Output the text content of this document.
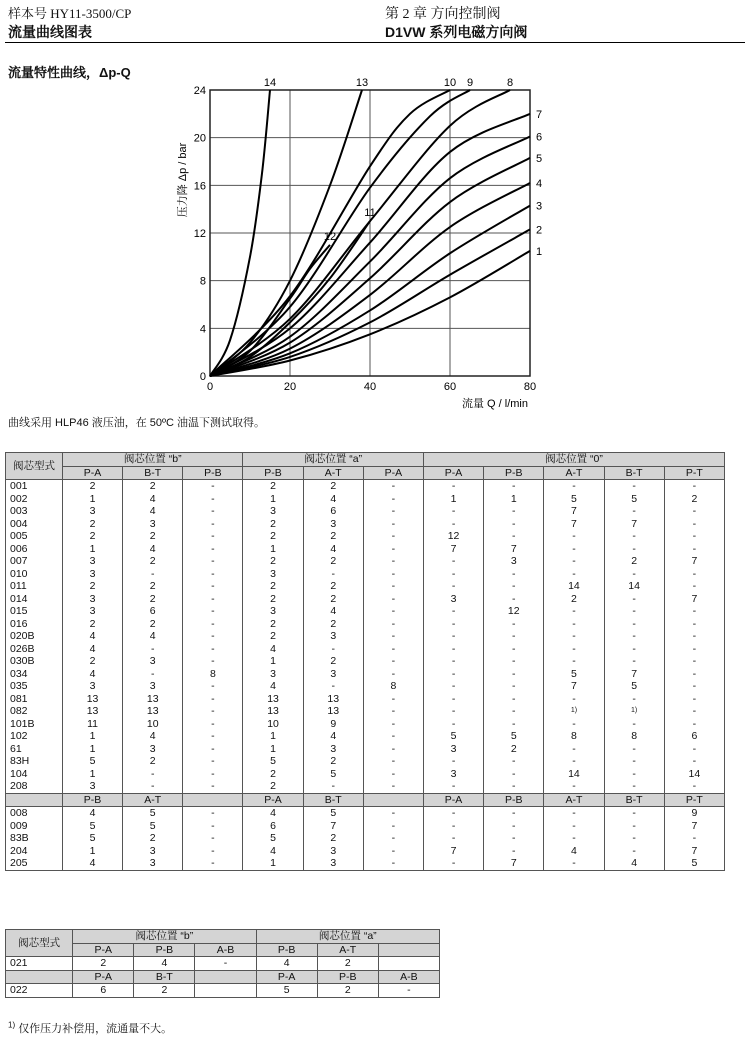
样本号 HY11-3500/CP
流量曲线图表
第 2 章 方向控制阀
D1VW 系列电磁方向阀
流量特性曲线，Δp-Q
0	20	40	60	80
0
4
8
12
16
20
24
1
2
3
4
5
6
7
8
9
10
11
12
13
14
压力降 Δp / bar
流量 Q / l/min
曲线采用 HLP46 液压油，在 50ºC 油温下测试取得。
阀芯型式	阀芯位置 “b”			阀芯位置 “a”			阀芯位置 “0”				
	P-A	B-T	P-B	P-B	A-T	P-A	P-A	P-B	A-T	B-T	P-T
001	2	2	-	2	2	-	-	-	-	-	-
002	1	4	-	1	4	-	1	1	5	5	2
003	3	4	-	3	6	-	-	-	7	-	-
004	2	3	-	2	3	-	-	-	7	7	-
005	2	2	-	2	2	-	12	-	-	-	-
006	1	4	-	1	4	-	7	7	-	-	-
007	3	2	-	2	2	-	-	3	-	2	7
010	3	-	-	3	-	-	-	-	-	-	-
011	2	2	-	2	2	-	-	-	14	14	-
014	3	2	-	2	2	-	3	-	2	-	7
015	3	6	-	3	4	-	-	12	-	-	-
016	2	2	-	2	2	-	-	-	-	-	-
020B	4	4	-	2	3	-	-	-	-	-	-
026B	4	-	-	4	-	-	-	-	-	-	-
030B	2	3	-	1	2	-	-	-	-	-	-
034	4	-	8	3	3	-	-	-	5	7	-
035	3	3	-	4	-	8	-	-	7	5	-
081	13	13	-	13	13	-	-	-	-	-	-
082	13	13	-	13	13	-	-	-	1)	1)	-
101B	11	10	-	10	9	-	-	-	-	-	-
102	1	4	-	1	4	-	5	5	8	8	6
61	1	3	-	1	3	-	3	2	-	-	-
83H	5	2	-	5	2	-	-	-	-	-	-
104	1	-	-	2	5	-	3	-	14	-	14
208	3	-	-	2	-	-	-	-	-	-	-
	P-B	A-T		P-A	B-T		P-A	P-B	A-T	B-T	P-T
008	4	5	-	4	5	-	-	-	-	-	9
009	5	5	-	6	7	-	-	-	-	-	7
83B	5	2	-	5	2	-	-	-	-	-	-
204	1	3	-	4	3	-	7	-	4	-	7
205	4	3	-	1	3	-	-	7	-	4	5
阀芯型式	阀芯位置 “b”			阀芯位置 “a”		
	P-A	P-B	A-B	P-B	A-T	
021	2	4	-	4	2	
	P-A	B-T		P-A	P-B	A-B
022	6	2		5	2	-
$^{1)}$ 仅作压力补偿用，流通量不大。
